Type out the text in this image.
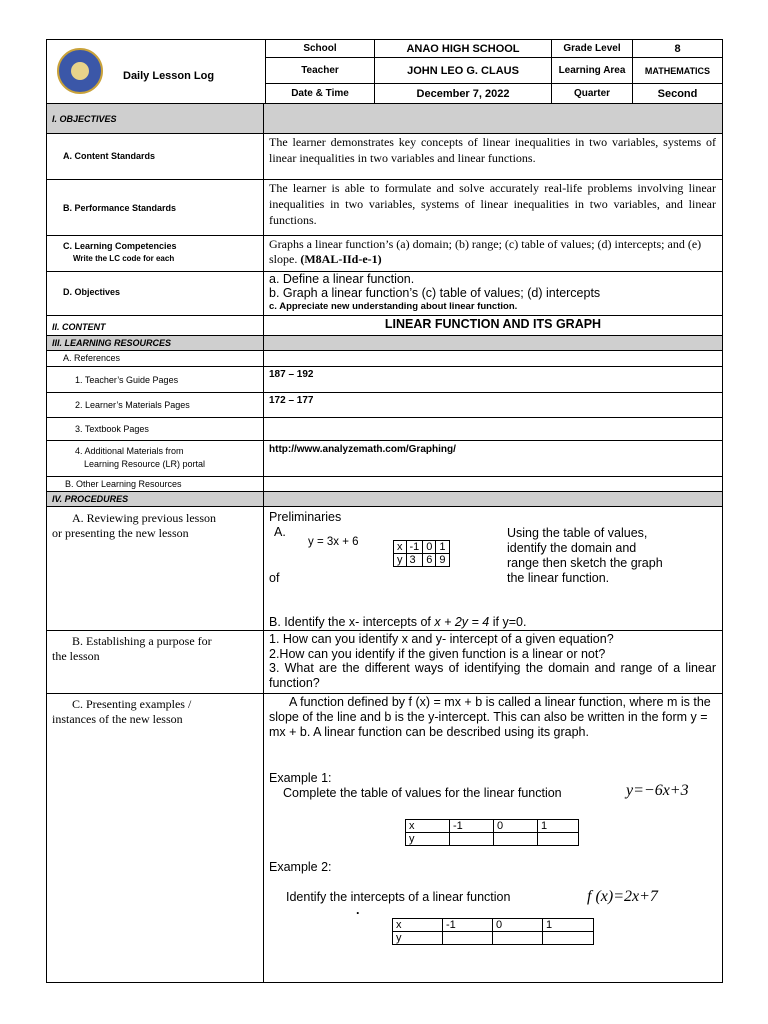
Daily Lesson Log	School	ANAO HIGH SCHOOL	Grade Level	8
	Teacher	JOHN LEO G. CLAUS	Learning Area	MATHEMATICS
	Date & Time	December 7, 2022	Quarter	Second
I. OBJECTIVES
A. Content Standards
The learner demonstrates key concepts of linear inequalities in two variables, systems of linear inequalities in two variables and linear functions.
B. Performance Standards
The learner is able to formulate and solve accurately real-life problems involving linear inequalities in two variables, systems of linear inequalities in two variables, and linear functions.
C. Learning Competencies
Write the LC code for each
Graphs a linear function’s (a) domain; (b) range; (c) table of values; (d) intercepts; and (e) slope. (M8AL-IId-e-1)
D. Objectives
a. Define a linear function.
b. Graph a linear function’s (c) table of values; (d) intercepts
c. Appreciate new understanding about linear function.
II. CONTENT	LINEAR FUNCTION AND ITS GRAPH
III. LEARNING RESOURCES
A. References
1. Teacher’s Guide Pages	187 – 192
2. Learner’s Materials Pages	172 – 177
3. Textbook Pages
4. Additional Materials from
Learning Resource (LR) portal
http://www.analyzemath.com/Graphing/
B. Other Learning Resources
IV. PROCEDURES
A. Reviewing previous lesson
or presenting the new lesson
Preliminaries
A.
y = 3x + 6	x	-1	0	1
y	3	6	9
of
Using the table of values,
identify the domain and
range then sketch the graph
the linear function.
B. Identify the x- intercepts of x + 2y = 4 if y=0.
B. Establishing a purpose for
the lesson
1. How can you identify x and y- intercept of a given equation?
2.How can you identify if the given function is a linear or not?
3. What are the different ways of identifying the domain and range of a linear function?
C. Presenting examples /
instances of the new lesson
A function defined by f (x) = mx + b is called a linear function, where m is the slope of the line and b is the y-intercept. This can also be written in the form y = mx + b. A linear function can be described using its graph.
Example 1:
Complete the table of values for the linear function	y=−6x+3
x	-1	0	1
y			
Example 2:
Identify the intercepts of a linear function	f (x)=2x+7
.
x	-1	0	1
y			
